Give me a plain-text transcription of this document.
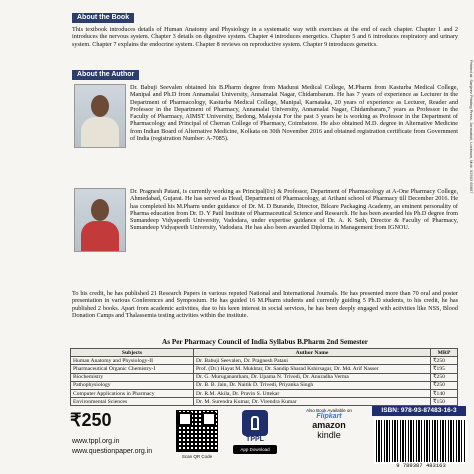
About the Book

This textbook introduces details of Human Anatomy and Physiology in a systematic way with exercises at the end of each chapter. Chapter 1 and 2 introduces the nervous system. Chapter 3 details on digestive system. Chapter 4 introduces energetics. Chapter 5 and 6 introduces respiratory and urinary system. Chapter 7 explains the endocrine system. Chapter 8 reviews on reproductive system. Chapter 9 introduces genetics.

About the Author

Dr. Babuji Seevalen obtained his B.Pharm degree from Madurai Medical College, M.Pharm from Kasturba Medical College, Manipal and Ph.D from Annamalai University, Annamalai Nagar, Chidambaram. He has 7 years of experience as Lecturer in the Department of Pharmacology, Kasturba Medical College, Manipal, Karnataka, 20 years of experience as Lecturer, Reader and Professor in the Department of Pharmacy, Annamalai University, Annamalai Nagar, Chidambaram,7 years as Professor in the Faculty of Pharmacy, AIMST University, Bedong, Malaysia For the past 3 years he is working as Professor in the Department of Pharmacology and Principal of Cherran College of Pharmacy, Coimbatore. He also obtained M.D. degree in Alternative Medicine from Indian Board of Alternative Medicine, Kolkata on 30th November 2016 and obtained registration certificate from Government of India (registration Number: A-7085).

Dr. Pragnesh Patani, is currently working as Principal(I/c) & Professor, Department of Pharmacology at A-One Pharmacy College, Ahmedabad, Gujarat. He has served as Head, Department of Pharmacology, at Arihant school of Pharmacy till December 2016. He has completed his M.Pharm under guidance of Dr. M. D Burande, Director, Bilcare Packaging Academy, an eminent personality of Pharma education from Dr. D. Y Patil Institute of Pharmaceutical Science and Research. He has been awarded his Ph.D degree from Sumandeep Vidyapeeth University, Vadodara, under expertise guidance of Dr. A. K Seth, Director & Faculty of Pharmacy, Sumandeep Vidyapeeth University, Vadodara. He has also been awarded Diploma in Management from IGNOU.

To his credit, he has published 21 Research Papers in various reputed National and International Journals. He has presented more than 70 oral and poster presentation in various Conferences and Symposium. He has guided 16 M.Pharm students and currently guiding 5 Ph.D students, to his credit, he has published 2 books. Apart from academic activities, due to his keen interest in social services, he has been deeply engaged with activities like NSS, Blood Donation Camps and Thalassemia testing activities within the institute.

As Per Pharmacy Council of India Syllabus B.Pharm 2nd Semester
Subjects	Author Name	MRP
Human Anatomy and Physiology-II	Dr. Babuji Seevalen, Dr. Pragnesh Patani	₹250
Pharmaceutical Organic Chemistry-I	Prof. (Dr.) Hayat M. Mukhtar, Dr. Sandip Sharad Kshirsagar, Dr. Md. Arif Nasser	₹195
Biochemistry	Dr. G. Muruganantham, Dr. Upama N. Trivedi, Dr. Anuradha Verma	₹250
Pathophysiology	Dr. B. B. Jain, Dr. Naitik D. Trivedi, Priyanka Singh	₹250
Computer Applications in Pharmacy	Dr. R.M. Akila, Dr. Pravin S. Uttekar	₹140
Environmental Sciences	Dr. M. Surendra Kumar, Dr. Virendra Kumar	₹150
Printed at: Sanjeev Printing Press, Jorasakoli, Lucknow, Mob. 92503 65657
₹250
www.tppl.org.in
www.questionpaper.org.in
Scan QR Code
TPPL
App Download
Also Book Available on
Flipkart
amazon
kindle
ISBN: 978-93-87483-16-3
9 789387 483163
